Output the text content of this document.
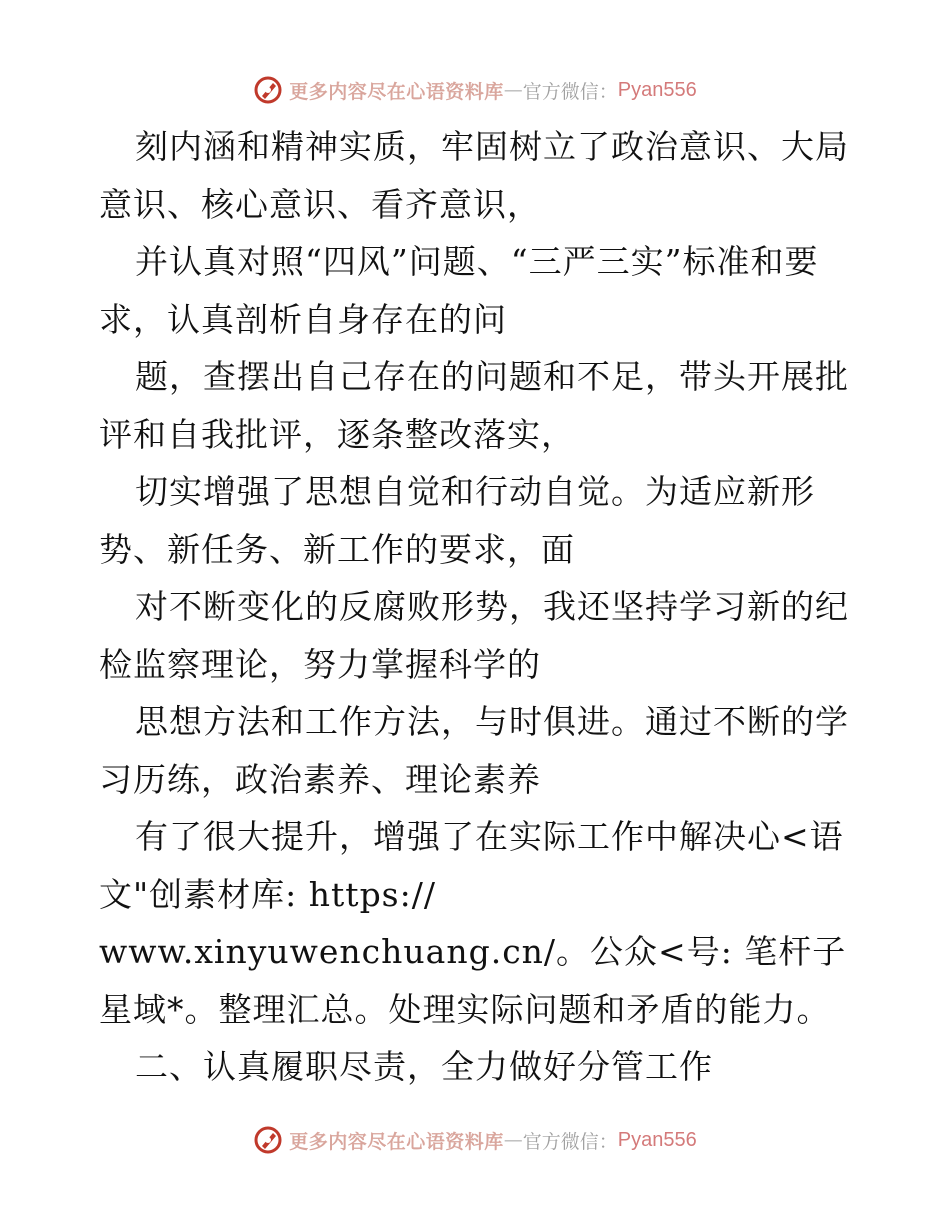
更多内容尽在心语资料库 — 官方微信： Pyan556

刻内涵和精神实质，牢固树立了政治意识、大局意识、核心意识、看齐意识，

并认真对照“四风”问题、“三严三实”标准和要求，认真剖析自身存在的问

题，查摆出自己存在的问题和不足，带头开展批评和自我批评，逐条整改落实，

切实增强了思想自觉和行动自觉。为适应新形势、新任务、新工作的要求，面

对不断变化的反腐败形势，我还坚持学习新的纪检监察理论，努力掌握科学的

思想方法和工作方法，与时俱进。通过不断的学习历练，政治素养、理论素养

有了很大提升，增强了在实际工作中解决心<语文"创素材库: https://

www.xinyuwenchuang.cn/。公众<号: 笔杆子星域*。整理汇总。处理实际问题和矛盾的能力。

二、认真履职尽责，全力做好分管工作

更多内容尽在心语资料库 — 官方微信： Pyan556
